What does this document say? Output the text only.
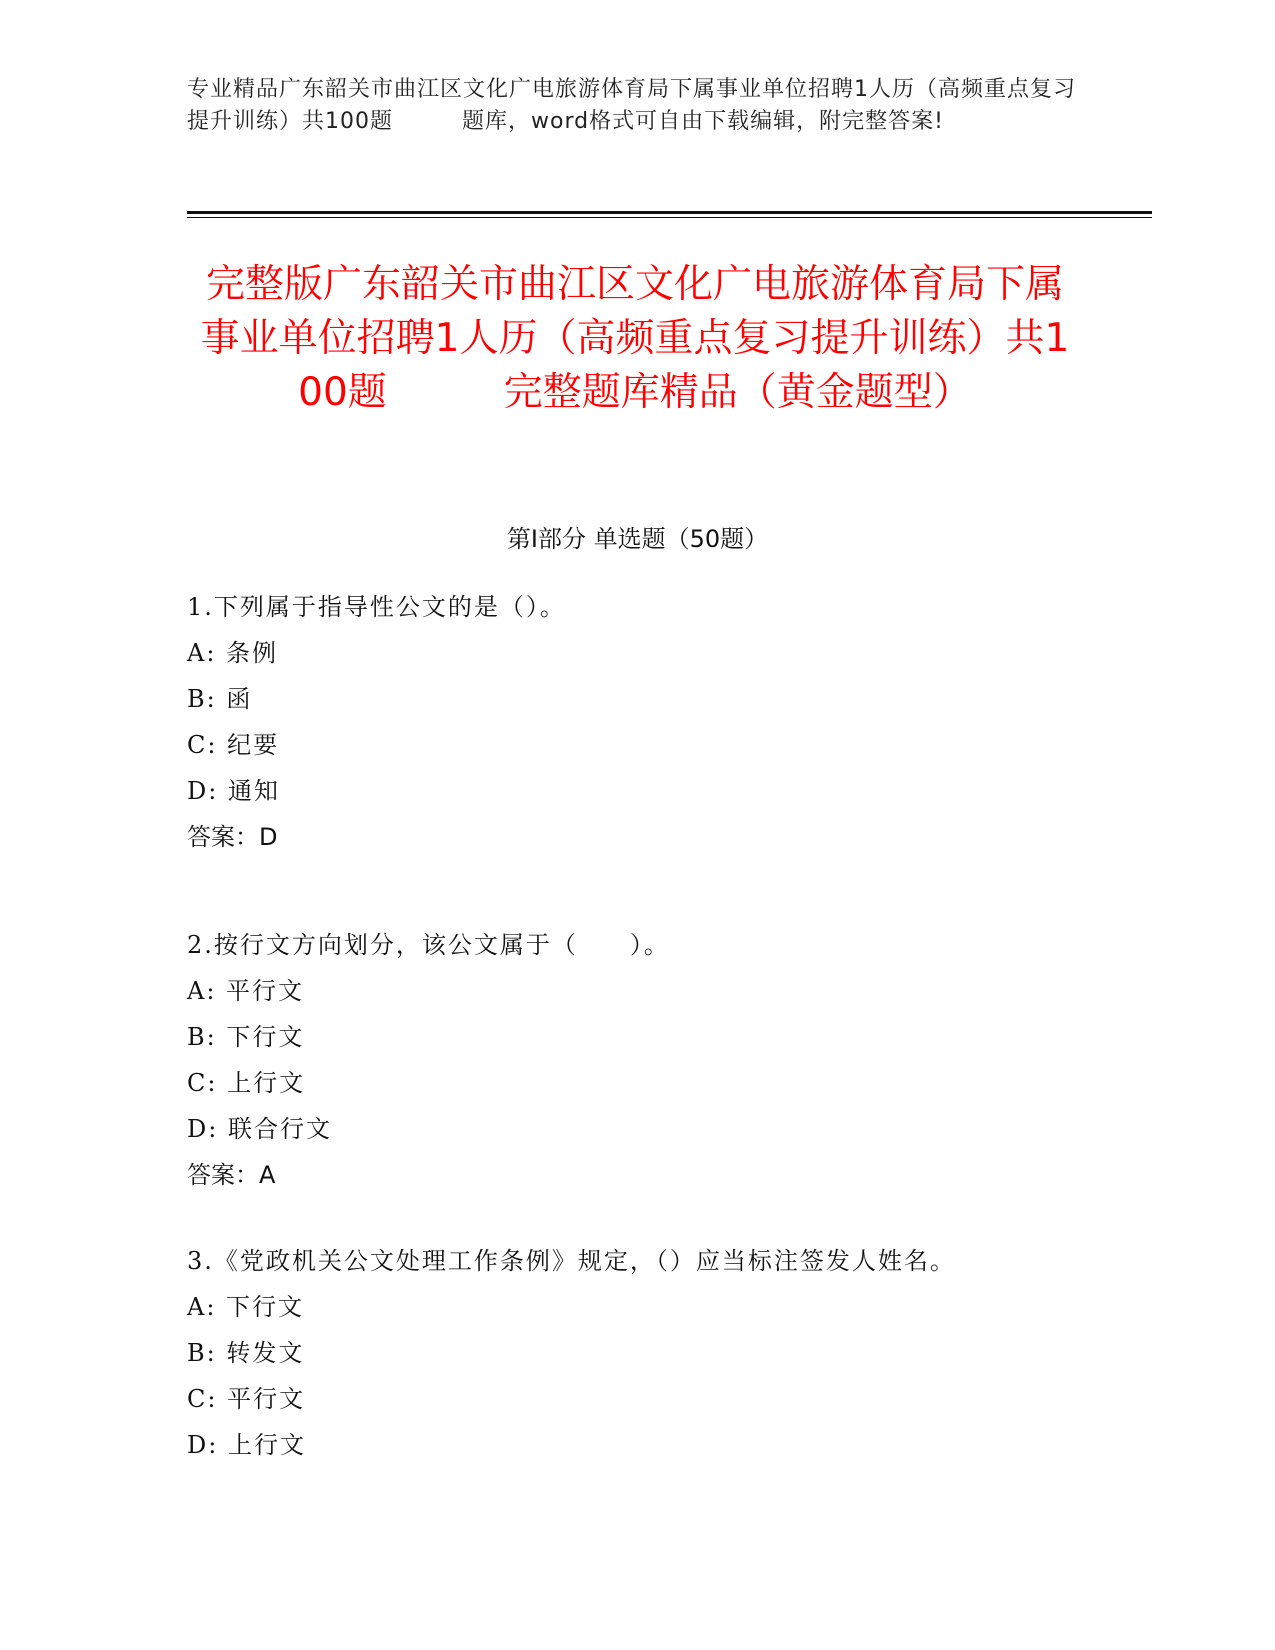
专业精品广东韶关市曲江区文化广电旅游体育局下属事业单位招聘1人历（高频重点复习提升训练）共100题　　　题库，word格式可自由下载编辑，附完整答案!
完整版广东韶关市曲江区文化广电旅游体育局下属事业单位招聘1人历（高频重点复习提升训练）共100题　　　完整题库精品（黄金题型）
第Ⅰ部分 单选题（50题）
1.下列属于指导性公文的是（）。
A: 条例
B: 函
C: 纪要
D: 通知
答案：D
2.按行文方向划分，该公文属于（　　）。
A: 平行文
B: 下行文
C: 上行文
D: 联合行文
答案：A
3.《党政机关公文处理工作条例》规定，（）应当标注签发人姓名。
A: 下行文
B: 转发文
C: 平行文
D: 上行文
